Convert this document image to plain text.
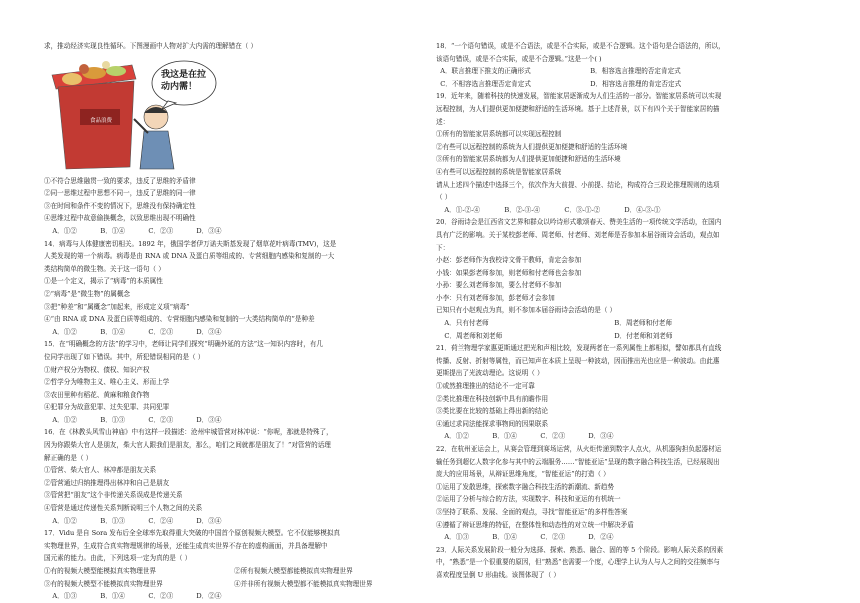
求，推动经济实现良性循环。下图漫画中人物对扩大内需的理解错在（ ）
我这是在拉动内需！
食品浪费
①不符合思维融贯一致的要求，违反了思维的矛盾律
②同一思维过程中思想不同一，违反了思维的同一律
③在时间和条件不变的情况下，思维没有保持确定性
④思维过程中故意偷换概念，以致思维出现不明确性
A．①②	B．①④	C．②③	D．③④
14．病毒与人体健康密切相关。1892 年，俄国学者伊万诺夫斯基发现了烟草花叶病毒(TMV)，这是
人类发现的第一个病毒。病毒是由 RNA 或 DNA 及蛋白质等组成的、专营细胞内感染和复制的一大
类结构简单的微生物。关于这一语句（ ）
①是一个定义，揭示了“病毒”的本质属性
②“病毒”是“微生物”的属概念
③把“种差”和“属概念”加起来，形成定义项“病毒”
④“由 RNA 或 DNA 及蛋白质等组成的、专营细胞内感染和复制的一大类结构简单的”是种差
A．①②	B．①④	C．②③	D．③④
15．在“明确概念的方法”的学习中，老师让同学们探究“明确外延的方法”这一知识内容时，有几
位同学出现了如下错误。其中，所犯错误相同的是（ ）
①财产权分为物权、债权、知识产权
②哲学分为唯物主义、唯心主义、形而上学
③农田里种有稻花、黄麻和粮食作物
④犯罪分为故意犯罪、过失犯罪、共同犯罪
A．①②	B．①③	C．②③	D．③④
16．在《林教头风雪山神庙》中有这样一段描述：沧州牢城管营对林冲说：“你呢，那就是特殊了，
因为你跟柴大官人是朋友，柴大官人跟我们是朋友，那么，咱们之间就都是朋友了！”对管营的话理
解正确的是（ ）
①管营、柴大官人、林冲都是朋友关系
②管营通过归纳推理得出林冲和自己是朋友
③管营把“朋友”这个非传递关系误成是传递关系
④管营是通过传递性关系判断说明三个人物之间的关系
A．①②	B．①③	C．②④	D．③④
17．Vidu 是自 Sora 发布后全全球率先取得重大突破的中国首个原创视频大模型。它不仅能够模拟真
实物理世界，生成符合真实物理规律的场景，还能生成真实世界不存在的虚构画面，并具备理解中
国元素的能力。由此，下列选项一定为真的是（ ）
①有的视频大模型能模拟真实物理世界	②所有视频大模型都能模拟真实物理世界
③有的视频大模型不能模拟真实物理世界	④并非所有视频大模型都不能模拟真实物理世界
A．①③	B．①④	C．②③	D．②④
18．“一个语句错误，或是不合语法，或是不合实际，或是不合逻辑。这个语句是合语法的，所以，
该语句错误，或是不合实际，或是不合逻辑。”这是一个( )
A．联言推理下推支的正确形式	B．相容选言推理的否定肯定式
C．不相容选言推理否定肯定式	D．相容选言推理的肯定否定式
19．近年来，随着科技的快速发展，智能家居逐渐成为人们生活的一部分。智能家居系统可以实现
远程控制，为人们提供更加便捷和舒适的生活环境。基于上述背景，以下有四个关于智能家居的描
述：
①所有的智能家居系统都可以实现远程控制
②有些可以远程控制的系统为人们提供更加便捷和舒适的生活环境
③所有的智能家居系统都为人们提供更加便捷和舒适的生活环境
④有些可以远程控制的系统是智能家居系统
请从上述四个描述中选择三个，依次作为大前提、小前提、结论，构成符合三段论推理规则的选项
（ ）
A．①-②-④	B．②-③-④	C．③-①-②	D．④-③-①
20．谷雨诗会是江西省文艺界和群众以吟诗形式歌颂春天、赞美生活的一项传统文学活动，在国内
具有广泛的影响。关于某校彭老师、周老师、付老师、刘老师是否参加本届谷雨诗会活动，观点如
下：
小赵：彭老师作为我校诗文骨干教师，肯定会参加
小钱：如果彭老师参加，则老师和付老师也会参加
小孙：要么刘老师参加，要么付老师不参加
小李：只有刘老师参加，彭老师才会参加
已知只有小赵观点为真，则不参加本届谷雨诗会活动的是（ ）
A．只有付老师	B．周老师和付老师
C．周老师和刘老师	D．付老师和刘老师
21．荷兰物理学家惠更斯通过把光和声相比较，发现两者在一系列属性上都相似，譬如都具有直线
传播、反射、折射等属性，而已知声在本质上呈现一种波动，因而推出光也应是一种波动。由此惠
更斯提出了光波动理论。这说明（ ）
①或然推理推出的结论不一定可靠
②类比推理在科技创新中具有前瞻作用
③类比要在比较的基础上得出新的结论
④通过求同法能探求事物间的因果联系
A．①②	B．①④	C．②③	D．③④
22．在杭州亚运会上，从赛会管理到赛场运营，从火炬传递到数字人点火，从机器狗担负起器材运
输任务到超亿人数字化参与其中的云端服务……“智能亚运”呈现的数字融合科技生活，已经展现出
庞大的应用场景，从辩证思维角度，“智能亚运”的打造（ ）
①运用了发散思维，探索数字融合科技生活的新潮流、新趋势
②运用了分析与综合的方法，实现数字、科技和亚运的有机统一
③坚持了联系、发展、全面的观点，寻找“智能亚运”的多样性答案
④遵循了辩证思维的特征，在整体性和动态性的对立统一中解决矛盾
A．①③	B．①④	C．②③	D．②④
23．人际关系发展阶段一般分为选择、探索、熟悉、融合、固的等 5 个阶段。影响人际关系的因素
中，“熟悉”是一个很重要的原因，但“熟悉”也需要一个度，心理学上认为人与人之间的交往频率与
喜欢程度呈倒 U 形曲线。该图体现了（ ）
